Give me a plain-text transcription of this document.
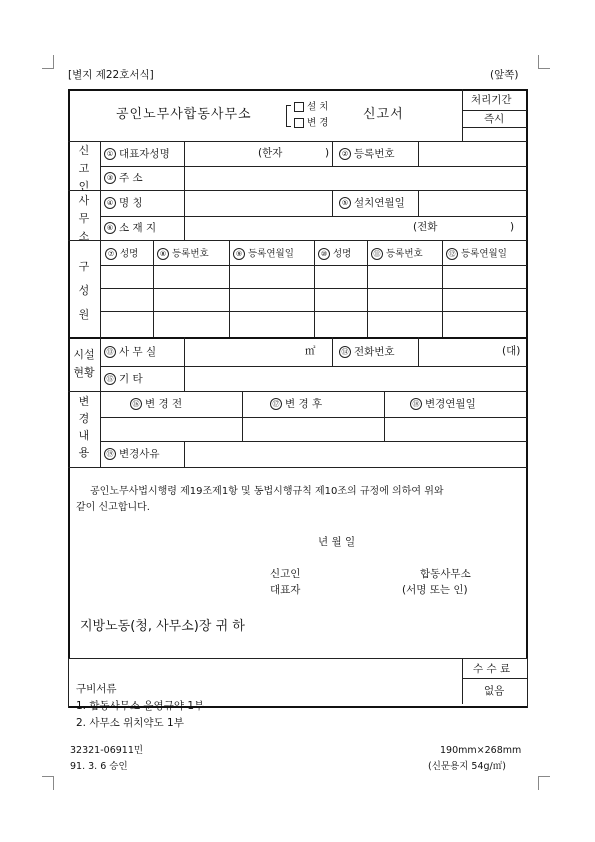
[별지 제22호서식]	(앞쪽)
공인노무사합동사무소	설 치
변 경
신고서
처리기간
즉시
신
고
인
사
무
소
구
성
원
시설
현황
변
경
내
용
① 대표자성명	(한자	)	② 등록번호
③ 주 소
④ 명 칭	⑤ 설치연월일
⑥ 소 재 지	(전화	)
⑦ 성명	⑧ 등록번호	⑨ 등록연월일	⑩ 성명	⑪ 등록번호	⑫ 등록연월일
⑬ 사 무 실	㎡	⑭ 전화번호	(대)
⑮ 기 타
⑯ 변 경 전	⑰ 변 경 후	⑱ 변경연월일
⑲ 변경사유
공인노무사법시행령 제19조제1항 및 동법시행규칙 제10조의 규정에 의하여 위와
같이 신고합니다.
년 월 일
신고인
대표자
합동사무소
(서명 또는 인)
지방노동(청, 사무소)장 귀 하
수 수 료
없음
구비서류
1. 합동사무소 운영규약 1부
2. 사무소 위치약도 1부
32321-06911민
91. 3. 6 승인
190mm×268mm
(신문용지 54g/㎡)
